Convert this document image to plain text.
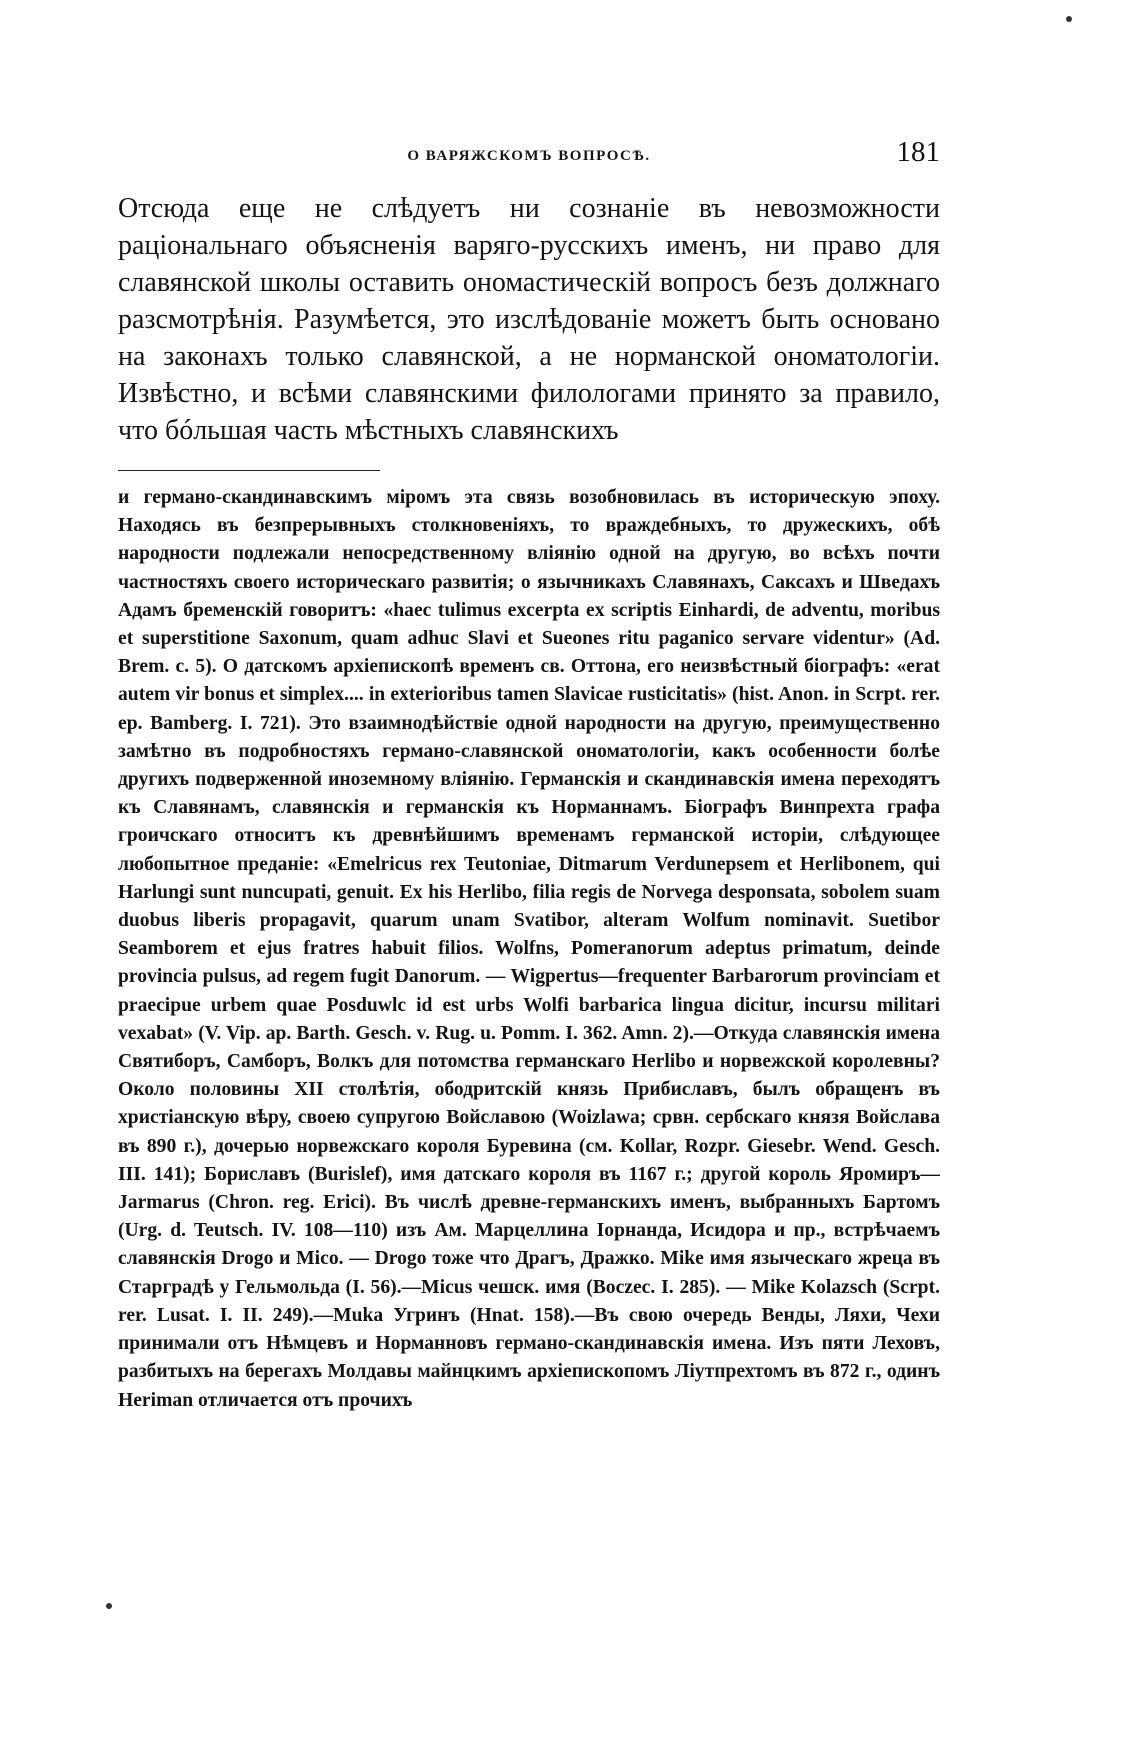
О ВАРЯЖСКОМЪ ВОПРОСѢ.	181

Отсюда еще не слѣдуетъ ни сознаніе въ невозможности раціональнаго объясненія варяго-русскихъ именъ, ни право для славянской школы оставить ономастическій вопросъ безъ должнаго разсмотрѣнія. Разумѣется, это изслѣдованіе можетъ быть основано на законахъ только славянской, а не норманской ономатологіи. Извѣстно, и всѣми славянскими филологами принято за правило, что бóльшая часть мѣстныхъ славянскихъ

и германо-скандинавскимъ міромъ эта связь возобновилась въ историческую эпоху. Находясь въ безпрерывныхъ столкновеніяхъ, то враждебныхъ, то дружескихъ, обѣ народности подлежали непосредственному вліянію одной на другую, во всѣхъ почти частностяхъ своего историческаго развитія; о язычникахъ Славянахъ, Саксахъ и Шведахъ Адамъ бременскій говоритъ: «haec tulimus excerpta ex scriptis Einhardi, de adventu, moribus et superstitione Saxonum, quam adhuc Slavi et Sueones ritu paganico servare videntur» (Ad. Brem. c. 5). О датскомъ архіепископѣ временъ св. Оттона, его неизвѣстный біографъ: «erat autem vir bonus et simplex.... in exterioribus tamen Slavicae rusticitatis» (hist. Anon. in Scrpt. rer. ep. Bamberg. I. 721). Это взаимнодѣйствіе одной народности на другую, преимущественно замѣтно въ подробностяхъ германо-славянской ономатологіи, какъ особенности болѣе другихъ подверженной иноземному вліянію. Германскія и скандинавскія имена переходятъ къ Славянамъ, славянскія и германскія къ Норманнамъ. Біографъ Винпрехта графа гроичскаго относитъ къ древнѣйшимъ временамъ германской исторіи, слѣдующее любопытное преданіе: «Emelricus rex Teutoniae, Ditmarum Verdunepsem et Herlibonem, qui Harlungi sunt nuncupati, genuit. Ex his Herlibo, filia regis de Norvega desponsata, sobolem suam duobus liberis propagavit, quarum unam Svatibor, alteram Wolfum nominavit. Suetibor Seamborem et ejus fratres habuit filios. Wolfns, Pomeranorum adeptus primatum, deinde provincia pulsus, ad regem fugit Danorum. — Wigpertus—frequenter Barbarorum provinciam et praecipue urbem quae Posduwlc id est urbs Wolfi barbarica lingua dicitur, incursu militari vexabat» (V. Vip. ap. Barth. Gesch. v. Rug. u. Pomm. I. 362. Amn. 2).—Откуда славянскія имена Святиборъ, Самборъ, Волкъ для потомства германскаго Herlibo и норвежской королевны? Около половины XII столѣтія, ободритскій князь Прибиславъ, былъ обращенъ въ христіанскую вѣру, своею супругою Войславою (Woizlawa; срвн. сербскаго князя Войслава въ 890 г.), дочерью норвежскаго короля Буревина (см. Kollar, Rozpr. Giesebr. Wend. Gesch. III. 141); Бориславъ (Burislef), имя датскаго короля въ 1167 г.; другой король Яромиръ—Jarmarus (Chron. reg. Erici). Въ числѣ древне-германскихъ именъ, выбранныхъ Бартомъ (Urg. d. Teutsch. IV. 108—110) изъ Ам. Марцеллина Іорнанда, Исидора и пр., встрѣчаемъ славянскія Drogo и Mico. — Drogo тоже что Драгъ, Дражко. Mike имя языческаго жреца въ Старградѣ у Гельмольда (I. 56).—Micus чешск. имя (Boczec. I. 285). — Mike Kolazsch (Scrpt. rer. Lusat. I. II. 249).—Muka Угринъ (Hnat. 158).—Въ свою очередь Венды, Ляхи, Чехи принимали отъ Нѣмцевъ и Норманновъ германо-скандинавскія имена. Изъ пяти Леховъ, разбитыхъ на берегахъ Молдавы майнцкимъ архіепископомъ Ліутпрехтомъ въ 872 г., одинъ Heriman отличается отъ прочихъ
